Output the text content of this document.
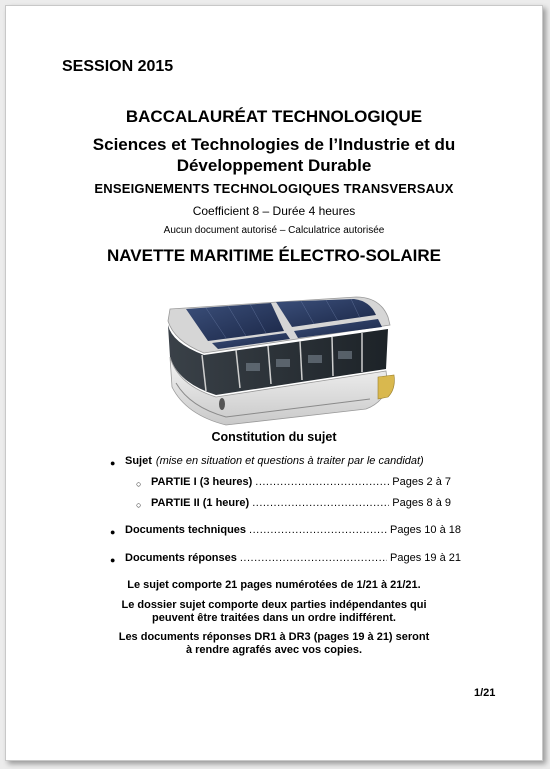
SESSION 2015
BACCALAURÉAT TECHNOLOGIQUE
Sciences et Technologies de l’Industrie et du
Développement Durable
ENSEIGNEMENTS TECHNOLOGIQUES TRANSVERSAUX
Coefficient 8 – Durée 4 heures
Aucun document autorisé – Calculatrice autorisée
NAVETTE MARITIME ÉLECTRO-SOLAIRE
Constitution du sujet
● Sujet (mise en situation et questions à traiter par le candidat)
○ PARTIE I (3 heures) .....	Pages 2 à 7
○ PARTIE II (1 heure) .....	Pages 8 à 9
● Documents techniques .....	Pages 10 à 18
● Documents réponses .....	Pages 19 à 21
Le sujet comporte 21 pages numérotées de 1/21 à 21/21.
Le dossier sujet comporte deux parties indépendantes qui
peuvent être traitées dans un ordre indifférent.
Les documents réponses DR1 à DR3 (pages 19 à 21) seront
à rendre agrafés avec vos copies.
1/21
